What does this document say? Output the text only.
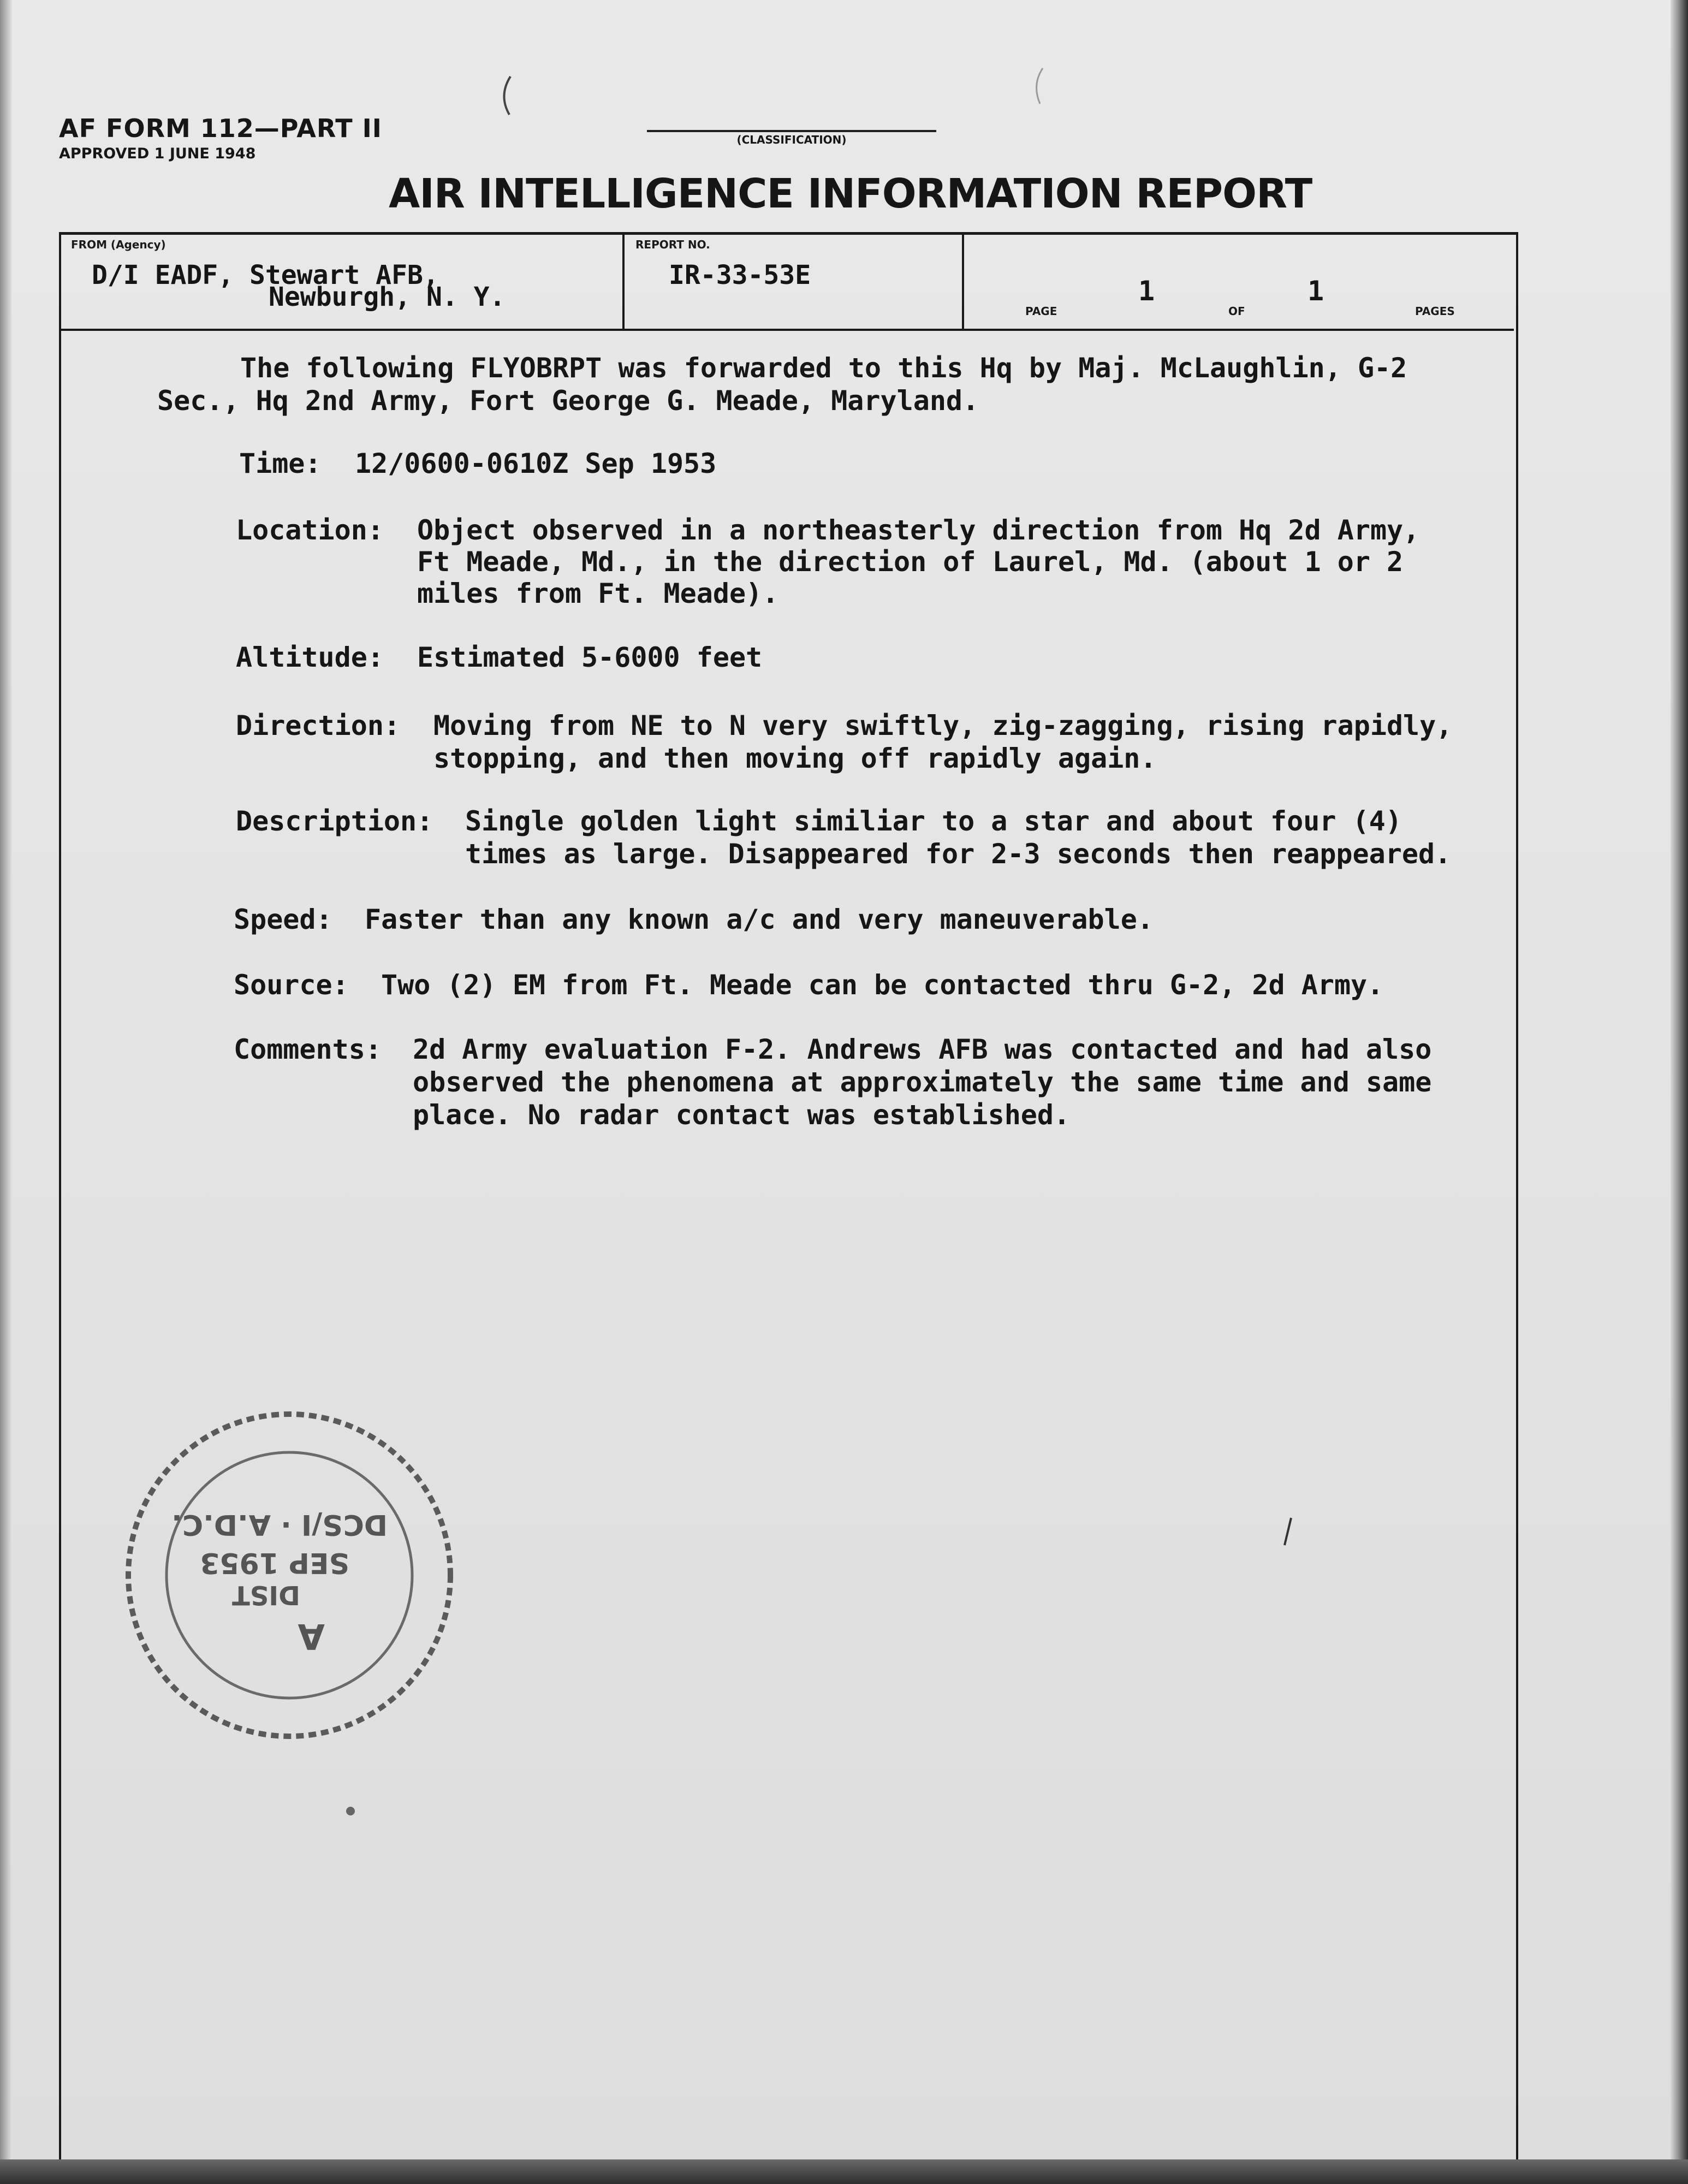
AF FORM 112—PART II
APPROVED 1 JUNE 1948
(CLASSIFICATION)
AIR INTELLIGENCE INFORMATION REPORT
FROM (Agency)
D/I EADF, Stewart AFB,
Newburgh, N. Y.
REPORT NO.
IR-33-53E
PAGE
1
OF
1
PAGES
The following FLYOBRPT was forwarded to this Hq by Maj. McLaughlin, G-2
Sec., Hq 2nd Army, Fort George G. Meade, Maryland.
Time: 12/0600-0610Z Sep 1953
Location: Object observed in a northeasterly direction from Hq 2d Army,
Ft Meade, Md., in the direction of Laurel, Md. (about 1 or 2
miles from Ft. Meade).
Altitude: Estimated 5-6000 feet
Direction: Moving from NE to N very swiftly, zig-zagging, rising rapidly,
stopping, and then moving off rapidly again.
Description: Single golden light similiar to a star and about four (4)
times as large. Disappeared for 2-3 seconds then reappeared.
Speed: Faster than any known a/c and very maneuverable.
Source: Two (2) EM from Ft. Meade can be contacted thru G-2, 2d Army.
Comments: 2d Army evaluation F-2. Andrews AFB was contacted and had also
observed the phenomena at approximately the same time and same
place. No radar contact was established.
A
DIST
SEP 1953
DCS/I · A.D.C.
